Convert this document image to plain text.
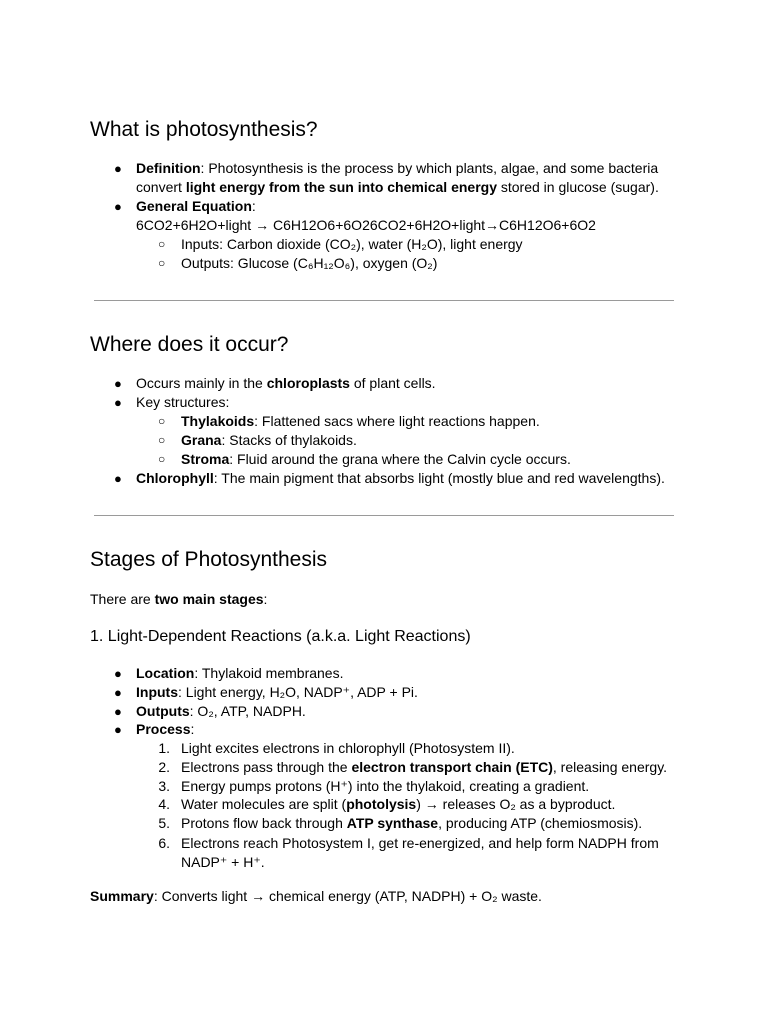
What is photosynthesis?
● Definition: Photosynthesis is the process by which plants, algae, and some bacteria
convert light energy from the sun into chemical energy stored in glucose (sugar).
● General Equation:
6CO2+6H2O+light → C6H12O6+6O26CO2+6H2O+light→C6H12O6+6O2
○ Inputs: Carbon dioxide (CO₂), water (H₂O), light energy
○ Outputs: Glucose (C₆H₁₂O₆), oxygen (O₂)
Where does it occur?
● Occurs mainly in the chloroplasts of plant cells.
● Key structures:
○ Thylakoids: Flattened sacs where light reactions happen.
○ Grana: Stacks of thylakoids.
○ Stroma: Fluid around the grana where the Calvin cycle occurs.
● Chlorophyll: The main pigment that absorbs light (mostly blue and red wavelengths).
Stages of Photosynthesis
There are two main stages:
1. Light-Dependent Reactions (a.k.a. Light Reactions)
● Location: Thylakoid membranes.
● Inputs: Light energy, H₂O, NADP⁺, ADP + Pi.
● Outputs: O₂, ATP, NADPH.
● Process:
1. Light excites electrons in chlorophyll (Photosystem II).
2. Electrons pass through the electron transport chain (ETC), releasing energy.
3. Energy pumps protons (H⁺) into the thylakoid, creating a gradient.
4. Water molecules are split (photolysis) → releases O₂ as a byproduct.
5. Protons flow back through ATP synthase, producing ATP (chemiosmosis).
6. Electrons reach Photosystem I, get re-energized, and help form NADPH from
NADP⁺ + H⁺.
Summary: Converts light → chemical energy (ATP, NADPH) + O₂ waste.
